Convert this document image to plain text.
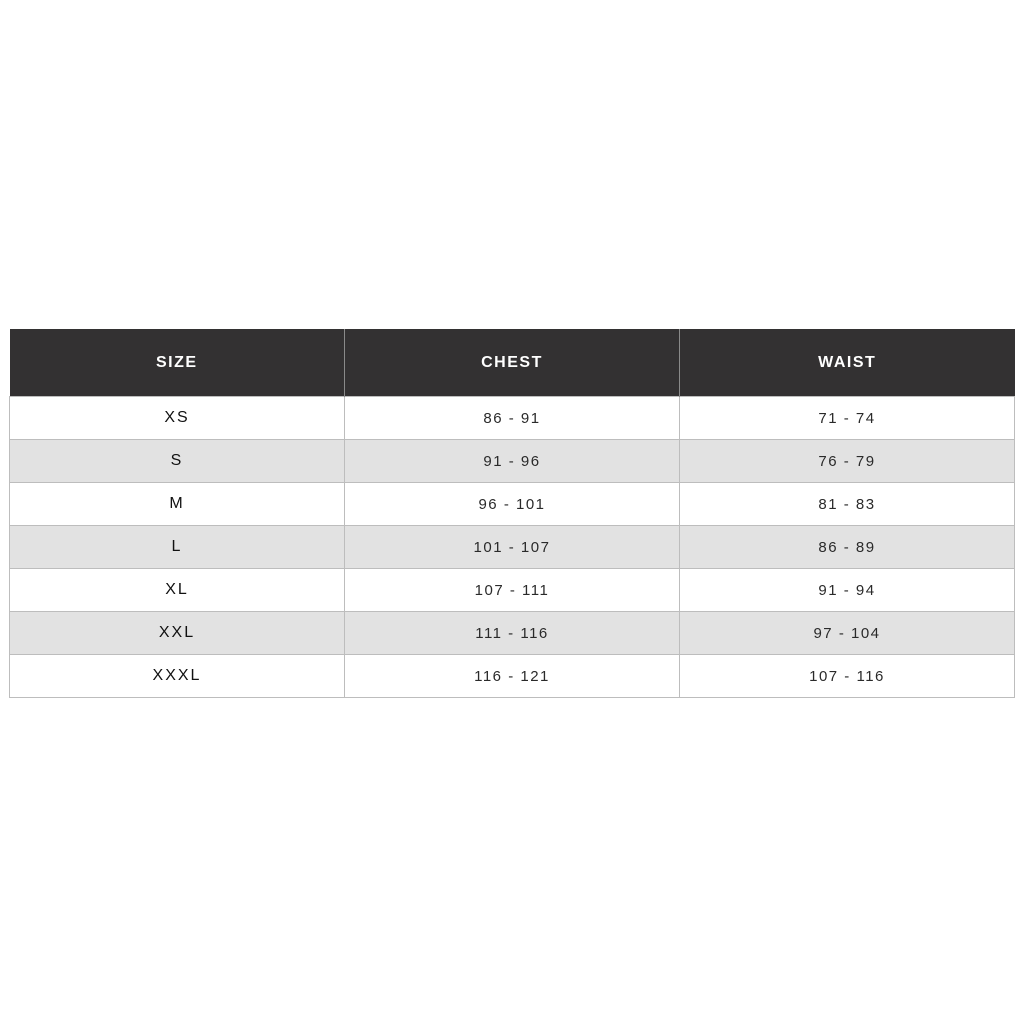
SIZE	CHEST	WAIST
XS	86 - 91	71 - 74
S	91 - 96	76 - 79
M	96 - 101	81 - 83
L	101 - 107	86 - 89
XL	107 - 111	91 - 94
XXL	111 - 116	97 - 104
XXXL	116 - 121	107 - 116
